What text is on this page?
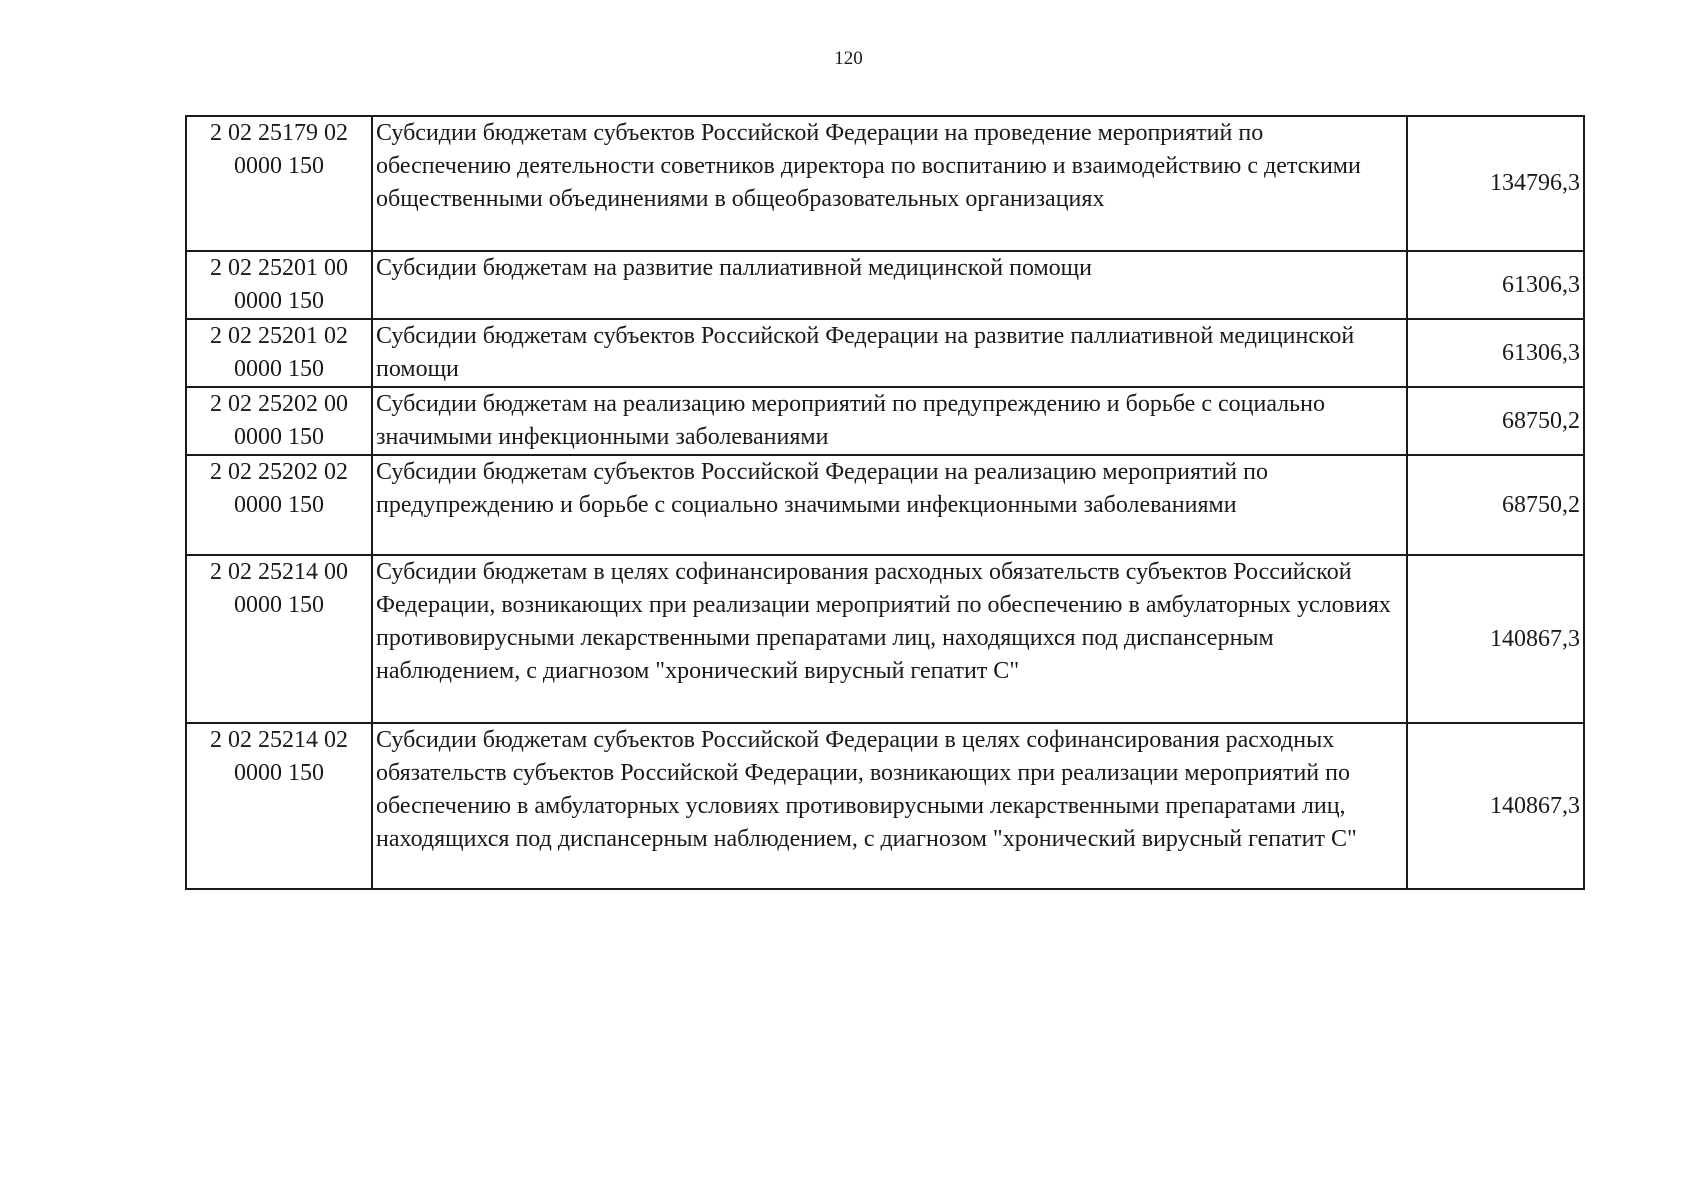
120
2 02 25179 02
0000 150	Субсидии бюджетам субъектов Российской Федерации на проведение мероприятий по обеспечению деятельности советников директора по воспитанию и взаимодействию с детскими общественными объединениями в общеобразовательных организациях	134796,3

2 02 25201 00
0000 150	Субсидии бюджетам на развитие паллиативной медицинской помощи	61306,3

2 02 25201 02
0000 150	Субсидии бюджетам субъектов Российской Федерации на развитие паллиативной медицинской помощи	61306,3

2 02 25202 00
0000 150	Субсидии бюджетам на реализацию мероприятий по предупреждению и борьбе с социально значимыми инфекционными заболеваниями	68750,2

2 02 25202 02
0000 150	Субсидии бюджетам субъектов Российской Федерации на реализацию мероприятий по предупреждению и борьбе с социально значимыми инфекционными заболеваниями	68750,2

2 02 25214 00
0000 150	Субсидии бюджетам в целях софинансирования расходных обязательств субъектов Российской Федерации, возникающих при реализации мероприятий по обеспечению в амбулаторных условиях противовирусными лекарственными препаратами лиц, находящихся под диспансерным наблюдением, с диагнозом "хронический вирусный гепатит С"	140867,3

2 02 25214 02
0000 150	Субсидии бюджетам субъектов Российской Федерации в целях софинансирования расходных обязательств субъектов Российской Федерации, возникающих при реализации мероприятий по обеспечению в амбулаторных условиях противовирусными лекарственными препаратами лиц, находящихся под диспансерным наблюдением, с диагнозом "хронический вирусный гепатит С"	140867,3
